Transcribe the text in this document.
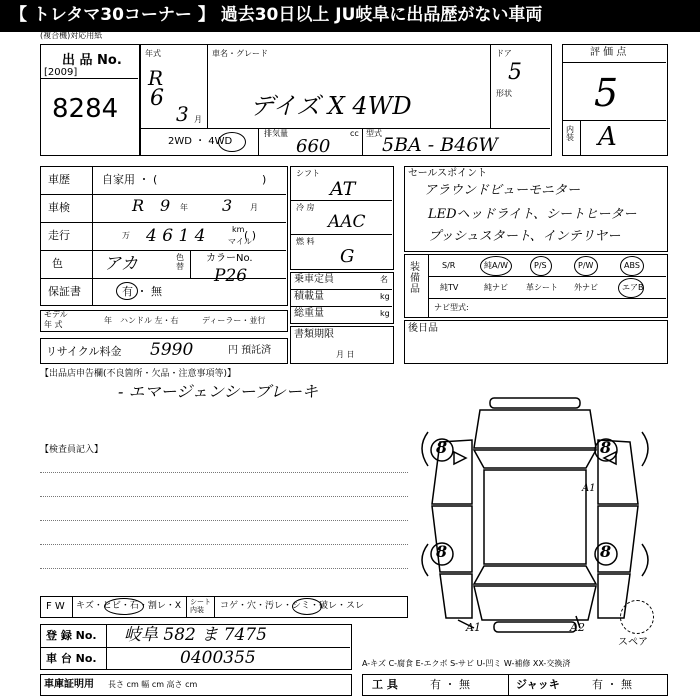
【 トレタマ30コーナー 】 過去30日以上 JU岐阜に出品歴がない車両
(複合機)対応用紙
出 品 No.
[2009]
8284
年式
R
6
3 月
車名・グレード
デイズ X 4WD
ドア
5
形状
2WD ・ 4WD
排気量	cc
660
型式
5BA - B46W
評 価 点
5
内装 A
車歴	自家用 ・ (	)
車検	R 9 年 3 月
走行	万 4 6 1 4	km
マイル
( )
色 アカ	色替
カラーNo.
P26
保証書	有 ・ 無
モデル
年 式	年 ハンドル 左・右	ディーラー・並行
リサイクル料金 5990	円 預託済
シフト
AT
冷 房
AAC
燃 料
G
乗車定員	名
積載量	kg
総重量	kg
書類期限
月 日
セールスポイント
アラウンドビューモニター
LEDヘッドライト、シートヒーター
プッシュスタート、インテリヤー
装備品
S/R	純A/W	P/S	P/W	ABS
純TV	純ナビ 革シート 外ナビ	エアB
ナビ型式:
後日品
【出品店申告欄(不良箇所・欠品・注意事項等)】
- エマージェンシーブレーキ
【検査員記入】	8	8
8	8
A1
A1	A2
スペア
F W キズ・ヒビ・石・割レ・X シート内装	コゲ・穴・汚レ・シミ・破レ・スレ
登 録 No. 岐阜 582 ま 7475
車 台 No.	0400355
車庫証明用 長さ cm 幅 cm 高さ cm
A-キズ C-腐食 E-エクボ S-サビ U-凹ミ W-補修 XX-交換済
工 具	有 ・ 無	ジャッキ	有 ・ 無
